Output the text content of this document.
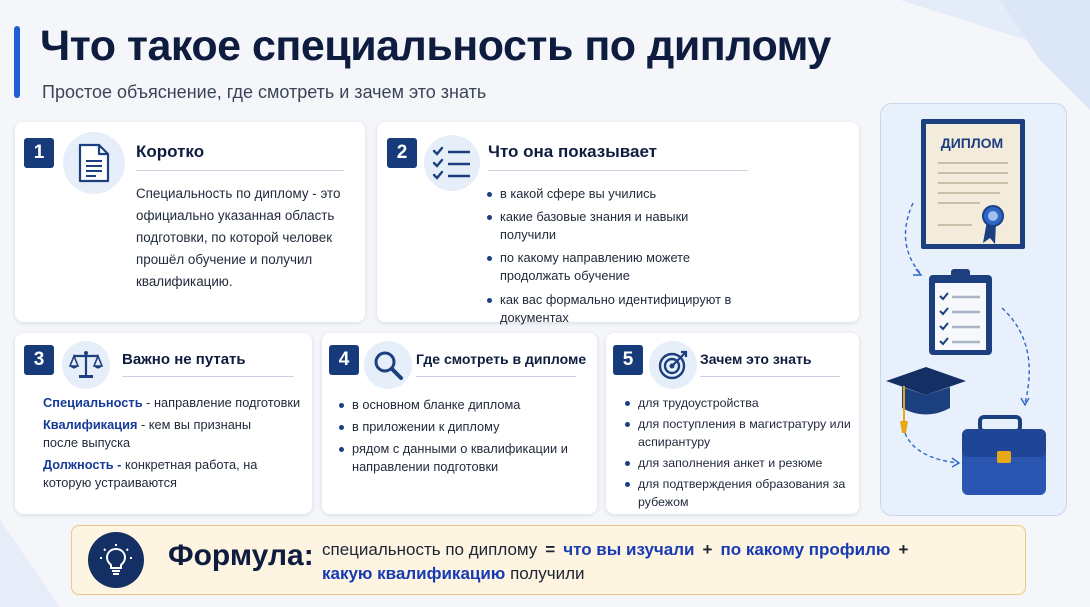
Что такое специальность по диплому
Простое объяснение, где смотреть и зачем это знать
1	Коротко
Специальность по диплому - это официально указанная область подготовки, по которой человек прошёл обучение и получил квалификацию.
2	Что она показывает
в какой сфере вы учились
какие базовые знания и навыки получили
по какому направлению можете продолжать обучение
как вас формально идентифицируют в документах
3	Важно не путать

Специальность - направление подготовки

Квалификация - кем вы признаны после выпуска

Должность - конкретная работа, на которую устраиваются

4	Где смотреть в дипломе
в основном бланке диплома
в приложении к диплому
рядом с данными о квалификации и направлении подготовки
5	Зачем это знать
для трудоустройства
для поступления в магистратуру или аспирантуру
для заполнения анкет и резюме
для подтверждения образования за рубежом
ДИПЛОМ
Формула: специальность по диплому = что вы изучали + по какому профилю +
какую квалификацию получили
